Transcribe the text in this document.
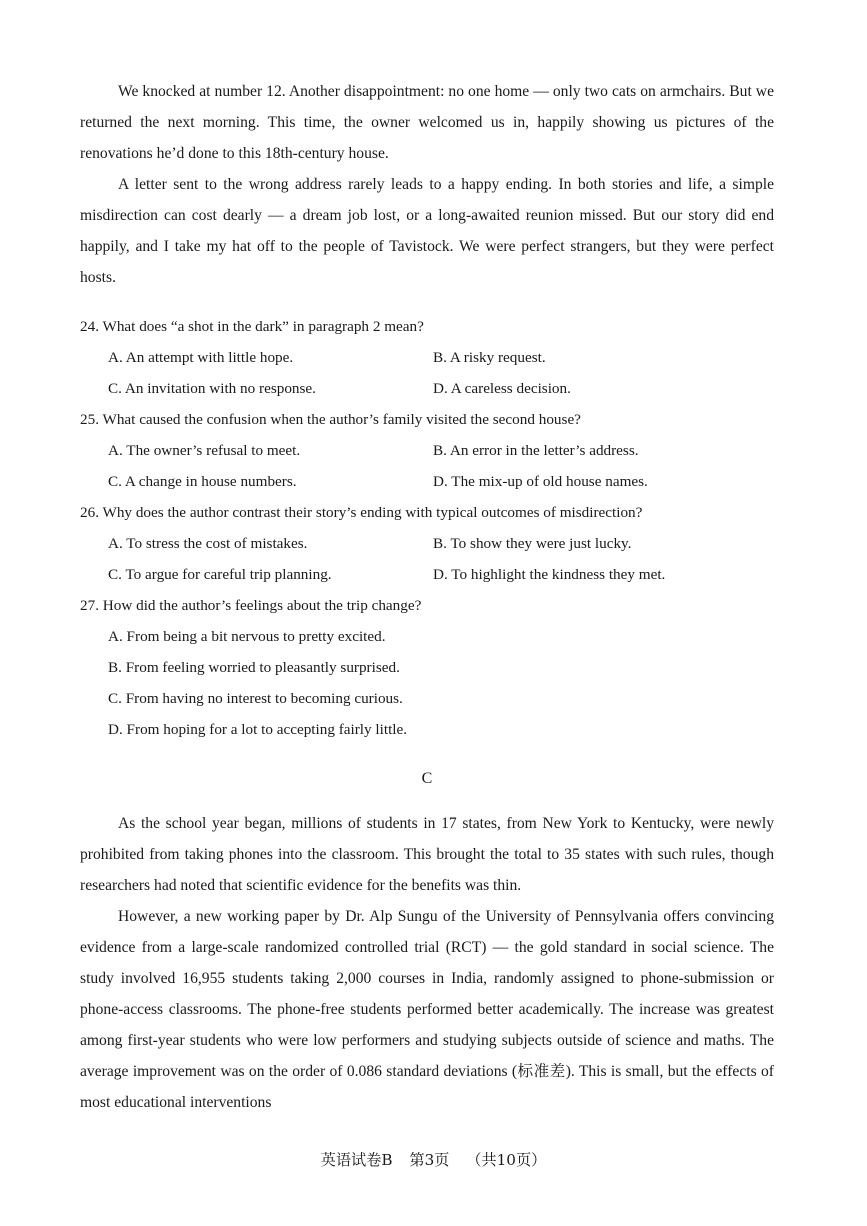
We knocked at number 12. Another disappointment: no one home — only two cats on armchairs. But we returned the next morning. This time, the owner welcomed us in, happily showing us pictures of the renovations he’d done to this 18th-century house.

A letter sent to the wrong address rarely leads to a happy ending. In both stories and life, a simple misdirection can cost dearly — a dream job lost, or a long-awaited reunion missed. But our story did end happily, and I take my hat off to the people of Tavistock. We were perfect strangers, but they were perfect hosts.

24. What does “a shot in the dark” in paragraph 2 mean?

A. An attempt with little hope.	B. A risky request.
C. An invitation with no response.	D. A careless decision.

25. What caused the confusion when the author’s family visited the second house?

A. The owner’s refusal to meet.	B. An error in the letter’s address.
C. A change in house numbers.	D. The mix-up of old house names.

26. Why does the author contrast their story’s ending with typical outcomes of misdirection?

A. To stress the cost of mistakes.	B. To show they were just lucky.
C. To argue for careful trip planning.	D. To highlight the kindness they met.

27. How did the author’s feelings about the trip change?

A. From being a bit nervous to pretty excited.
B. From feeling worried to pleasantly surprised.
C. From having no interest to becoming curious.
D. From hoping for a lot to accepting fairly little.
C

As the school year began, millions of students in 17 states, from New York to Kentucky, were newly prohibited from taking phones into the classroom. This brought the total to 35 states with such rules, though researchers had noted that scientific evidence for the benefits was thin.

However, a new working paper by Dr. Alp Sungu of the University of Pennsylvania offers convincing evidence from a large-scale randomized controlled trial (RCT) — the gold standard in social science. The study involved 16,955 students taking 2,000 courses in India, randomly assigned to phone-submission or phone-access classrooms. The phone-free students performed better academically. The increase was greatest among first-year students who were low performers and studying subjects outside of science and maths. The average improvement was on the order of 0.086 standard deviations (标准差). This is small, but the effects of most educational interventions

英语试卷B 第3页 （共10页）
